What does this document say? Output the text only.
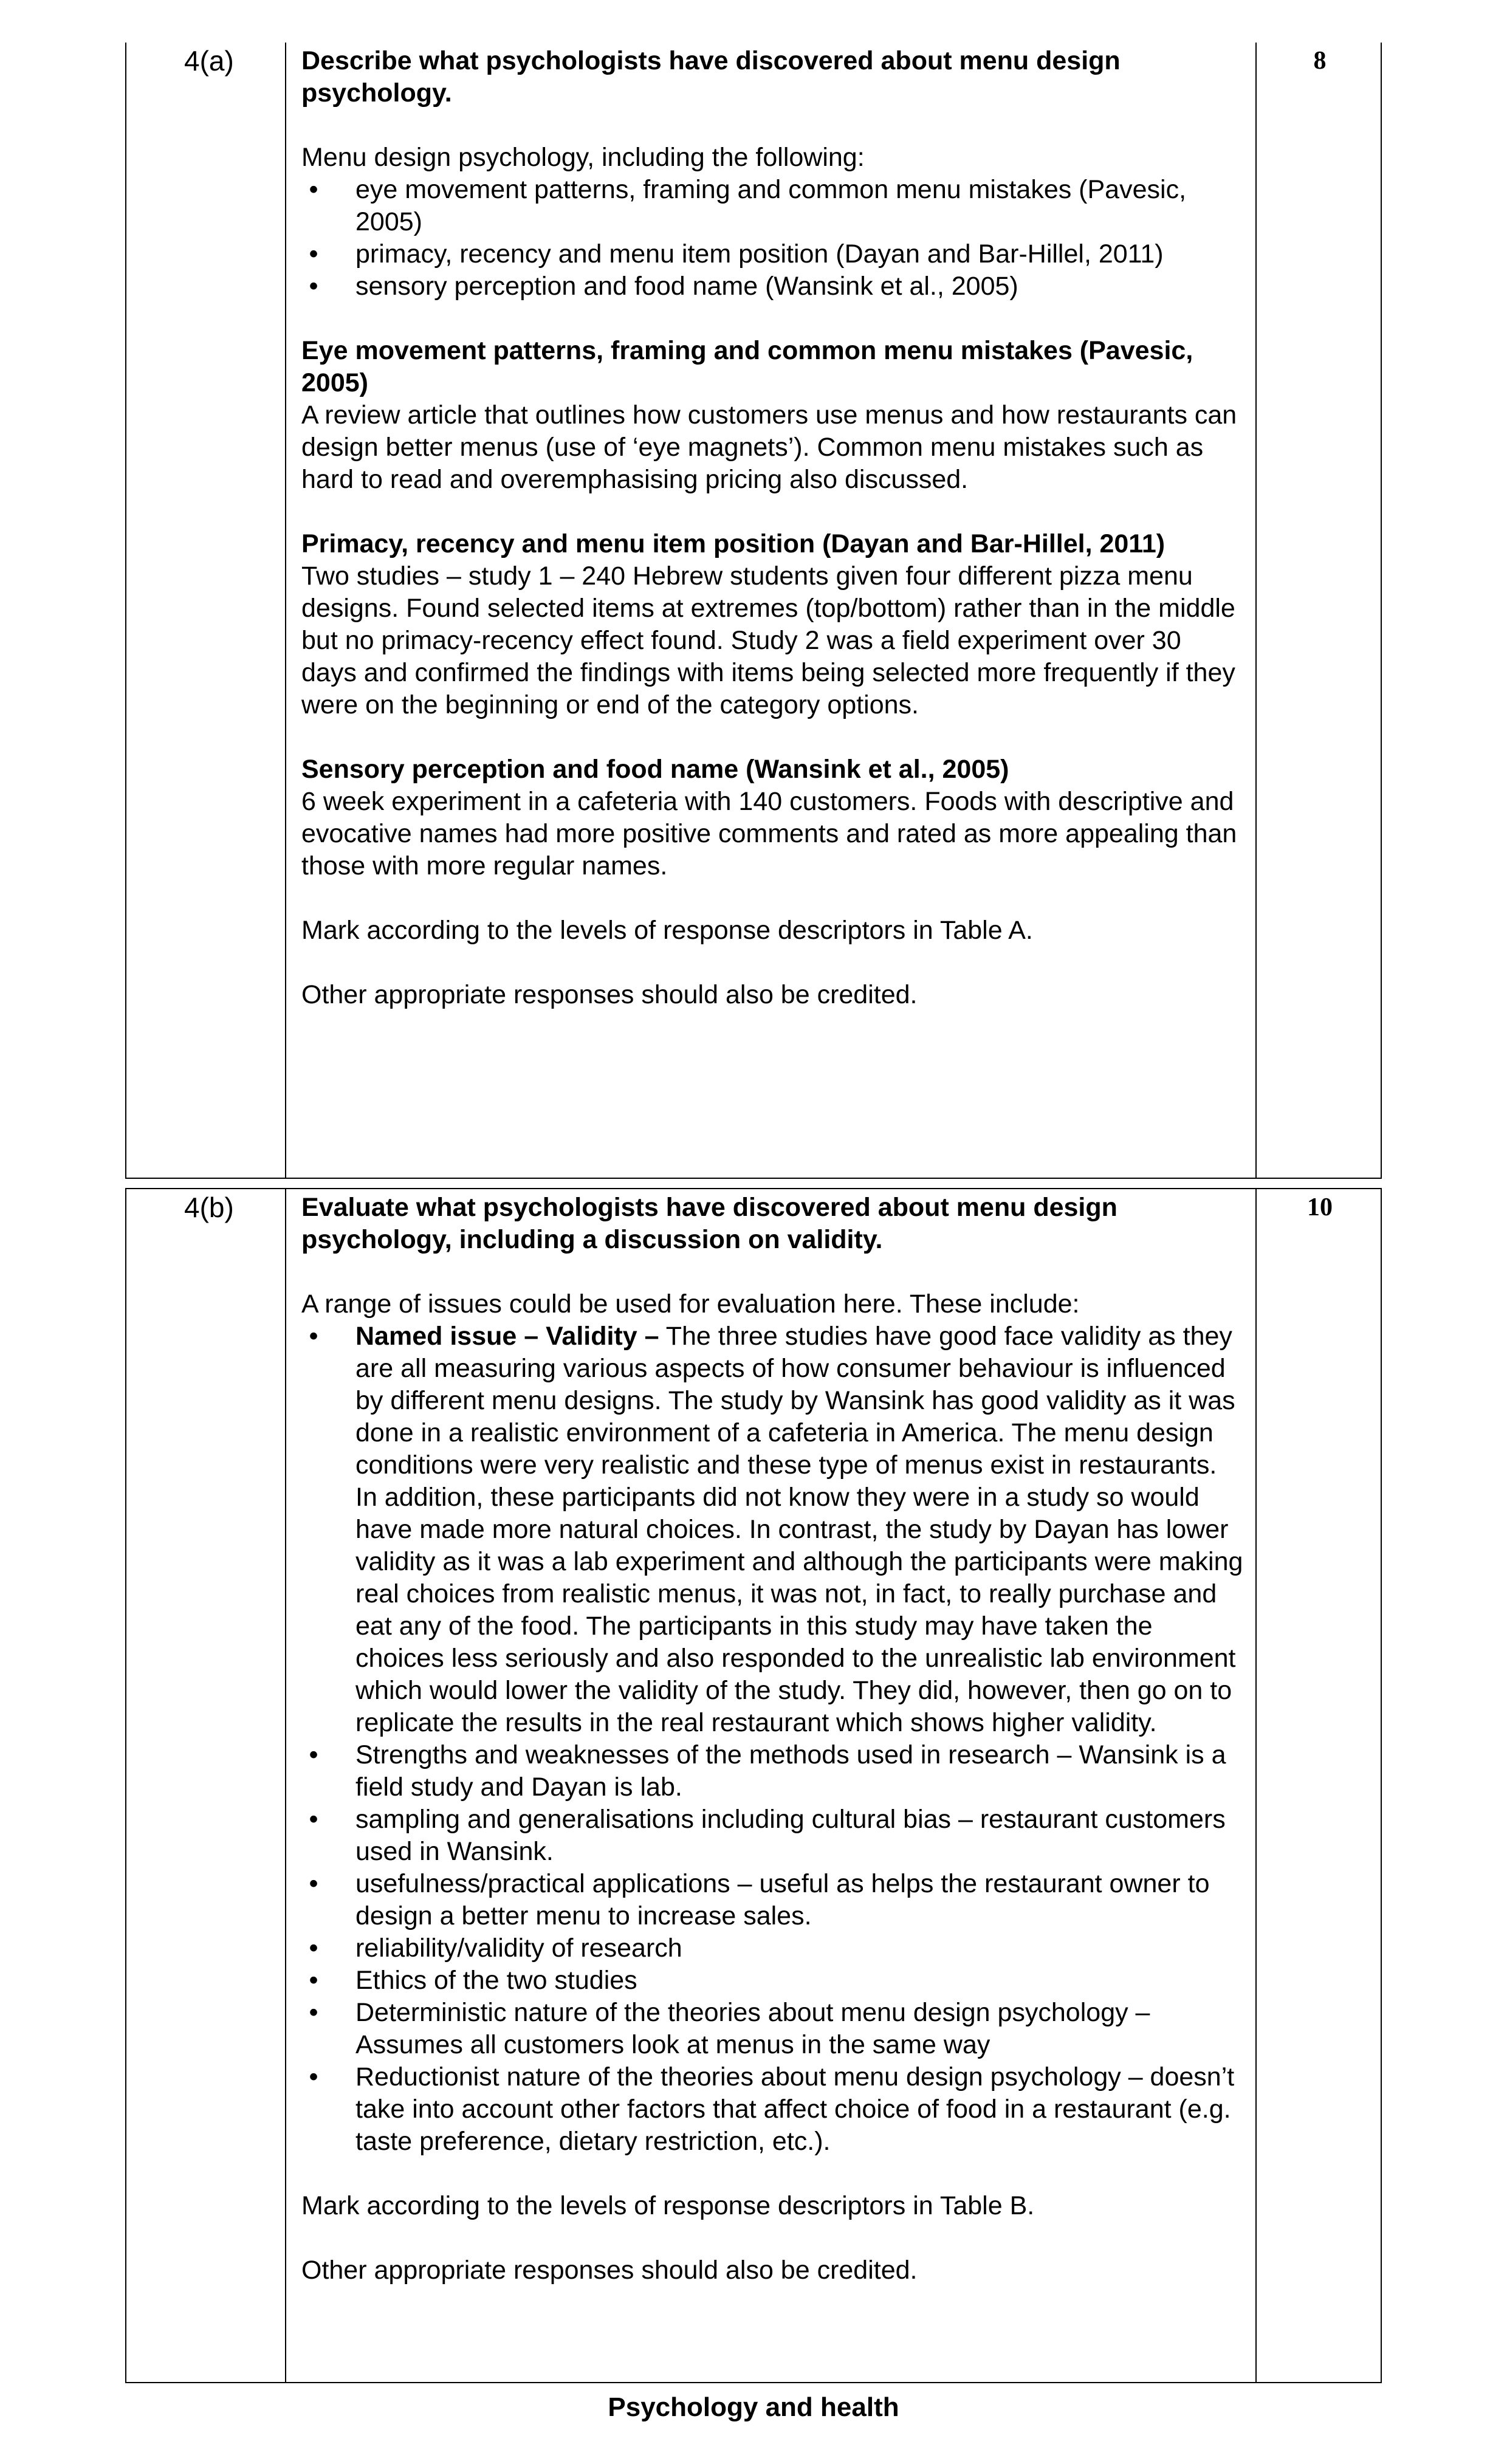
4(a)	Describe what psychologists have discovered about menu design psychology.

Menu design psychology, including the following:

• eye movement patterns, framing and common menu mistakes (Pavesic, 2005)
• primacy, recency and menu item position (Dayan and Bar-Hillel, 2011)
• sensory perception and food name (Wansink et al., 2005)

Eye movement patterns, framing and common menu mistakes (Pavesic, 2005)

A review article that outlines how customers use menus and how restaurants can design better menus (use of ‘eye magnets’). Common menu mistakes such as hard to read and overemphasising pricing also discussed.

Primacy, recency and menu item position (Dayan and Bar-Hillel, 2011)

Two studies – study 1 – 240 Hebrew students given four different pizza menu designs. Found selected items at extremes (top/bottom) rather than in the middle but no primacy-recency effect found. Study 2 was a field experiment over 30 days and confirmed the findings with items being selected more frequently if they were on the beginning or end of the category options.

Sensory perception and food name (Wansink et al., 2005)

6 week experiment in a cafeteria with 140 customers. Foods with descriptive and evocative names had more positive comments and rated as more appealing than those with more regular names.

Mark according to the levels of response descriptors in Table A.

Other appropriate responses should also be credited.

8
4(b)	Evaluate what psychologists have discovered about menu design psychology, including a discussion on validity.

A range of issues could be used for evaluation here. These include:

• Named issue – Validity – The three studies have good face validity as they are all measuring various aspects of how consumer behaviour is influenced by different menu designs. The study by Wansink has good validity as it was done in a realistic environment of a cafeteria in America. The menu design conditions were very realistic and these type of menus exist in restaurants. In addition, these participants did not know they were in a study so would have made more natural choices. In contrast, the study by Dayan has lower validity as it was a lab experiment and although the participants were making real choices from realistic menus, it was not, in fact, to really purchase and eat any of the food. The participants in this study may have taken the choices less seriously and also responded to the unrealistic lab environment which would lower the validity of the study. They did, however, then go on to replicate the results in the real restaurant which shows higher validity.
• Strengths and weaknesses of the methods used in research – Wansink is a field study and Dayan is lab.
• sampling and generalisations including cultural bias – restaurant customers used in Wansink.
• usefulness/practical applications – useful as helps the restaurant owner to design a better menu to increase sales.
• reliability/validity of research
• Ethics of the two studies
• Deterministic nature of the theories about menu design psychology – Assumes all customers look at menus in the same way
• Reductionist nature of the theories about menu design psychology – doesn’t take into account other factors that affect choice of food in a restaurant (e.g. taste preference, dietary restriction, etc.).

Mark according to the levels of response descriptors in Table B.

Other appropriate responses should also be credited.

10
Psychology and health
